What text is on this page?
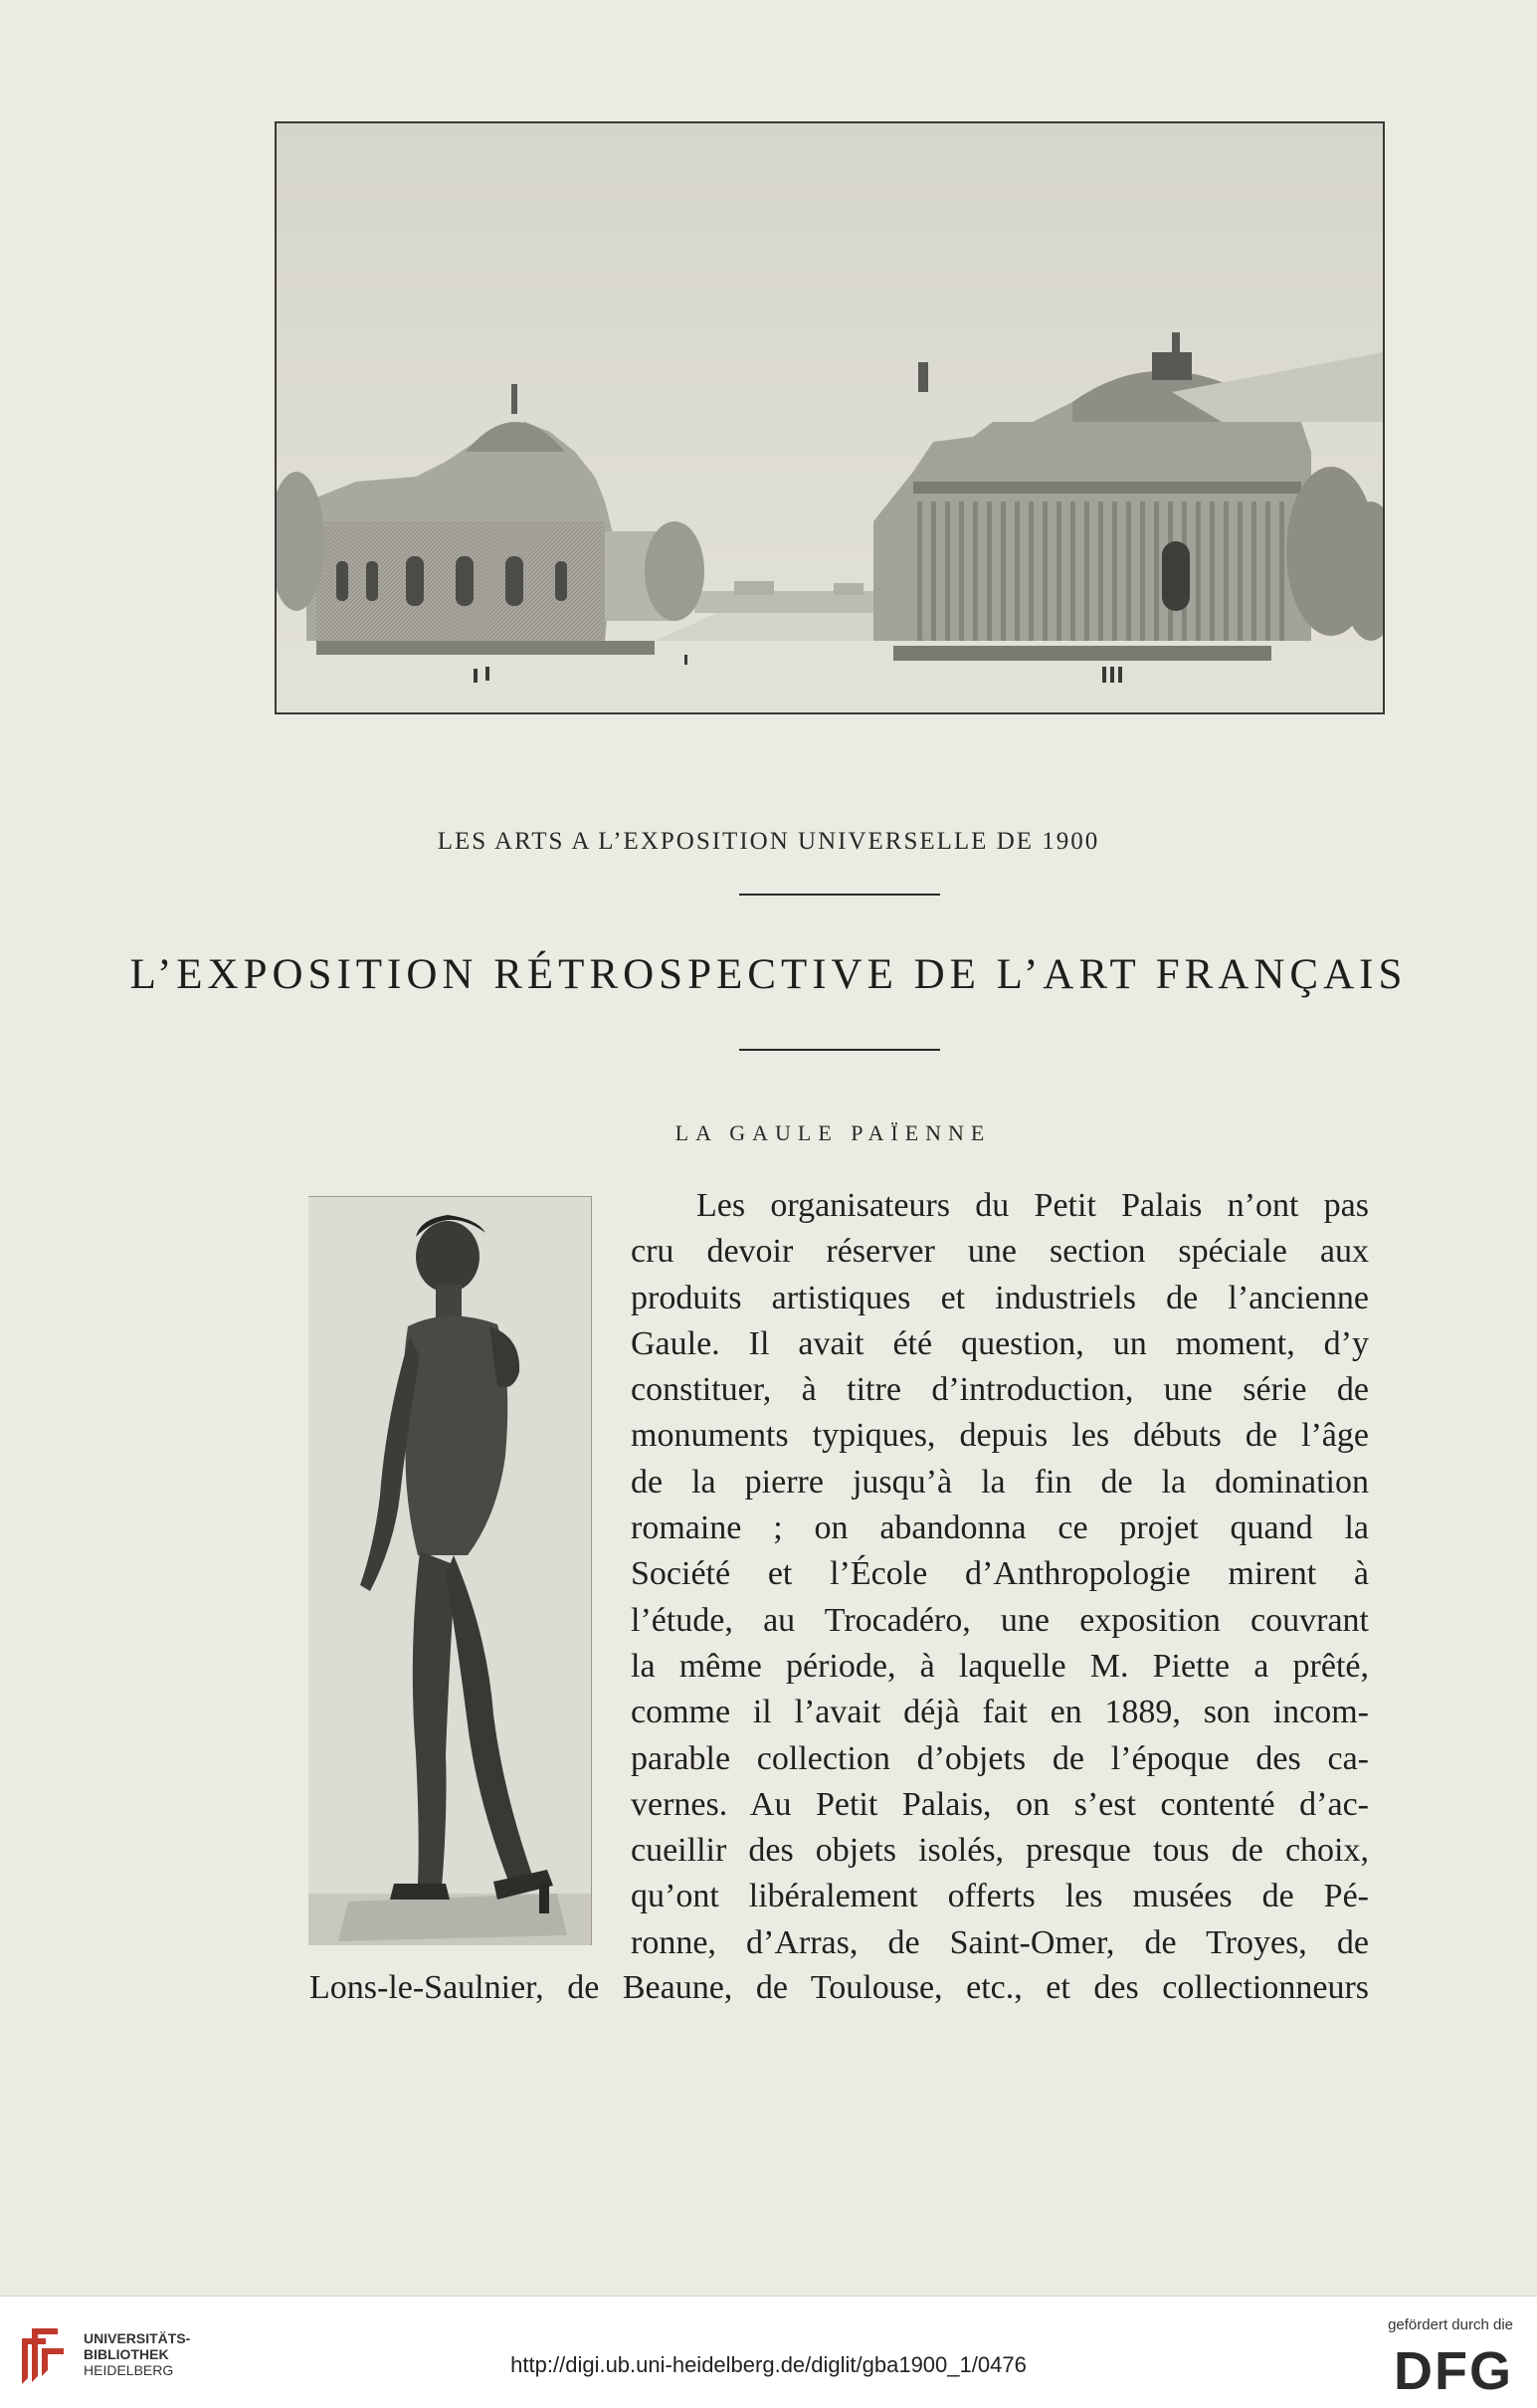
LES ARTS A L’EXPOSITION UNIVERSELLE DE 1900
L’EXPOSITION RÉTROSPECTIVE DE L’ART FRANÇAIS
LA GAULE PAÏENNE

Les organisateurs du Petit Palais n’ont pas

cru devoir réserver une section spéciale aux

produits artistiques et industriels de l’ancienne

Gaule. Il avait été question, un moment, d’y

constituer, à titre d’introduction, une série de

monuments typiques, depuis les débuts de l’âge

de la pierre jusqu’à la fin de la domination

romaine ; on abandonna ce projet quand la

Société et l’École d’Anthropologie mirent à

l’étude, au Trocadéro, une exposition couvrant

la même période, à laquelle M. Piette a prêté,

comme il l’avait déjà fait en 1889, son incom-

parable collection d’objets de l’époque des ca-

vernes. Au Petit Palais, on s’est contenté d’ac-

cueillir des objets isolés, presque tous de choix,

qu’ont libéralement offerts les musées de Pé-

ronne, d’Arras, de Saint-Omer, de Troyes, de

Lons-le-Saulnier, de Beaune, de Toulouse, etc., et des collectionneurs

UNIVERSITÄTS-
BIBLIOTHEK
HEIDELBERG	http://digi.ub.uni-heidelberg.de/diglit/gba1900_1/0476
gefördert durch die
DFG
